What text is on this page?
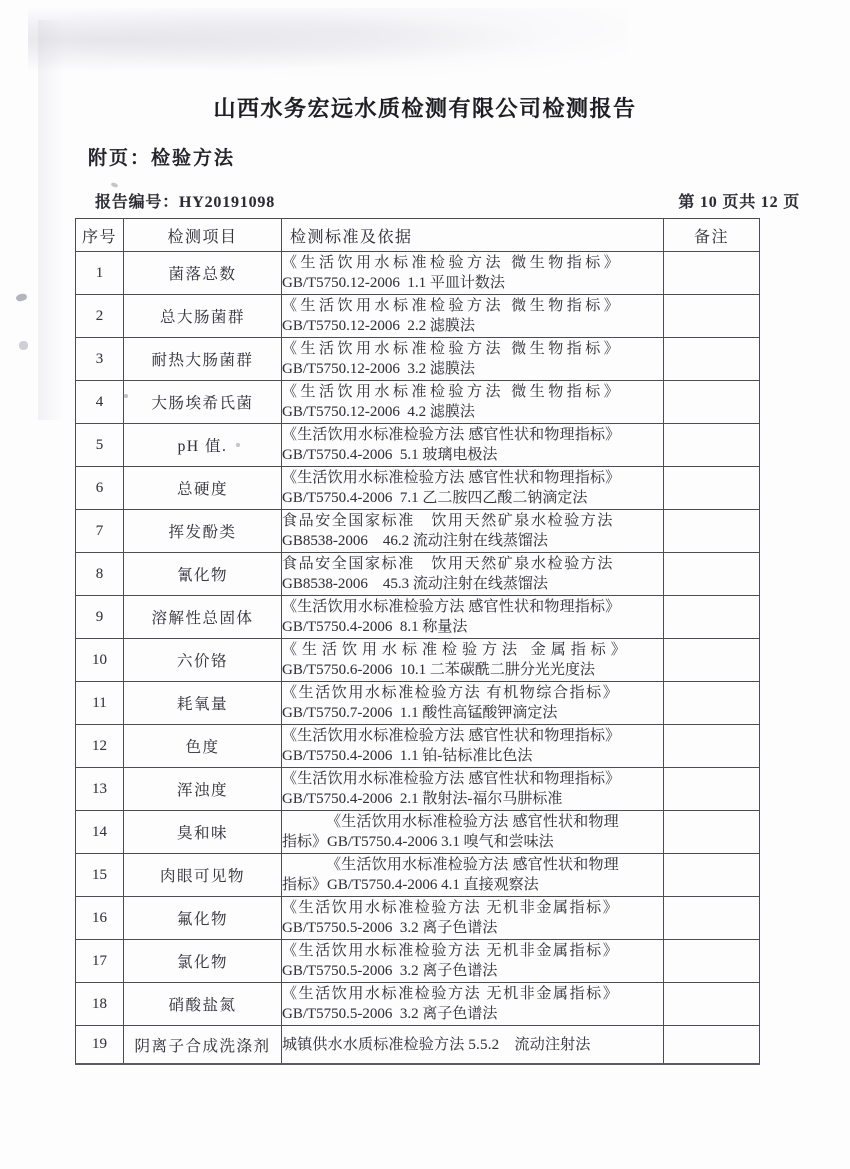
山西水务宏远水质检测有限公司检测报告
附页：检验方法
报告编号：HY20191098	第 10 页共 12 页
序号	检测项目	检测标准及依据	备注
1	菌落总数	《生活饮用水标准检验方法 微生物指标》
GB/T5750.12-2006  1.1 平皿计数法	

2	总大肠菌群	《生活饮用水标准检验方法 微生物指标》
GB/T5750.12-2006  2.2 滤膜法	

3	耐热大肠菌群	《生活饮用水标准检验方法 微生物指标》
GB/T5750.12-2006  3.2 滤膜法	

4	大肠埃希氏菌	《生活饮用水标准检验方法 微生物指标》
GB/T5750.12-2006  4.2 滤膜法	

5	pH 值.	《生活饮用水标准检验方法 感官性状和物理指标》
GB/T5750.4-2006  5.1 玻璃电极法	

6	总硬度	《生活饮用水标准检验方法 感官性状和物理指标》
GB/T5750.4-2006  7.1 乙二胺四乙酸二钠滴定法	

7	挥发酚类	食品安全国家标准　饮用天然矿泉水检验方法
GB8538-2006　46.2 流动注射在线蒸馏法	

8	氰化物	食品安全国家标准　饮用天然矿泉水检验方法
GB8538-2006　45.3 流动注射在线蒸馏法	

9	溶解性总固体	《生活饮用水标准检验方法 感官性状和物理指标》
GB/T5750.4-2006  8.1 称量法	

10	六价铬	《生活饮用水标准检验方法 金属指标》
GB/T5750.6-2006  10.1 二苯碳酰二肼分光光度法	

11	耗氧量	《生活饮用水标准检验方法 有机物综合指标》
GB/T5750.7-2006  1.1 酸性高锰酸钾滴定法	

12	色度	《生活饮用水标准检验方法 感官性状和物理指标》
GB/T5750.4-2006  1.1 铂-钴标准比色法	

13	浑浊度	《生活饮用水标准检验方法 感官性状和物理指标》
GB/T5750.4-2006  2.1 散射法-福尔马肼标准	

14	臭和味	《生活饮用水标准检验方法 感官性状和物理
指标》GB/T5750.4-2006 3.1 嗅气和尝味法	

15	肉眼可见物	《生活饮用水标准检验方法 感官性状和物理
指标》GB/T5750.4-2006 4.1 直接观察法	

16	氟化物	《生活饮用水标准检验方法 无机非金属指标》
GB/T5750.5-2006  3.2 离子色谱法	

17	氯化物	《生活饮用水标准检验方法 无机非金属指标》
GB/T5750.5-2006  3.2 离子色谱法	

18	硝酸盐氮	《生活饮用水标准检验方法 无机非金属指标》
GB/T5750.5-2006  3.2 离子色谱法	

19	阴离子合成洗涤剂	城镇供水水质标准检验方法 5.5.2　流动注射法	
